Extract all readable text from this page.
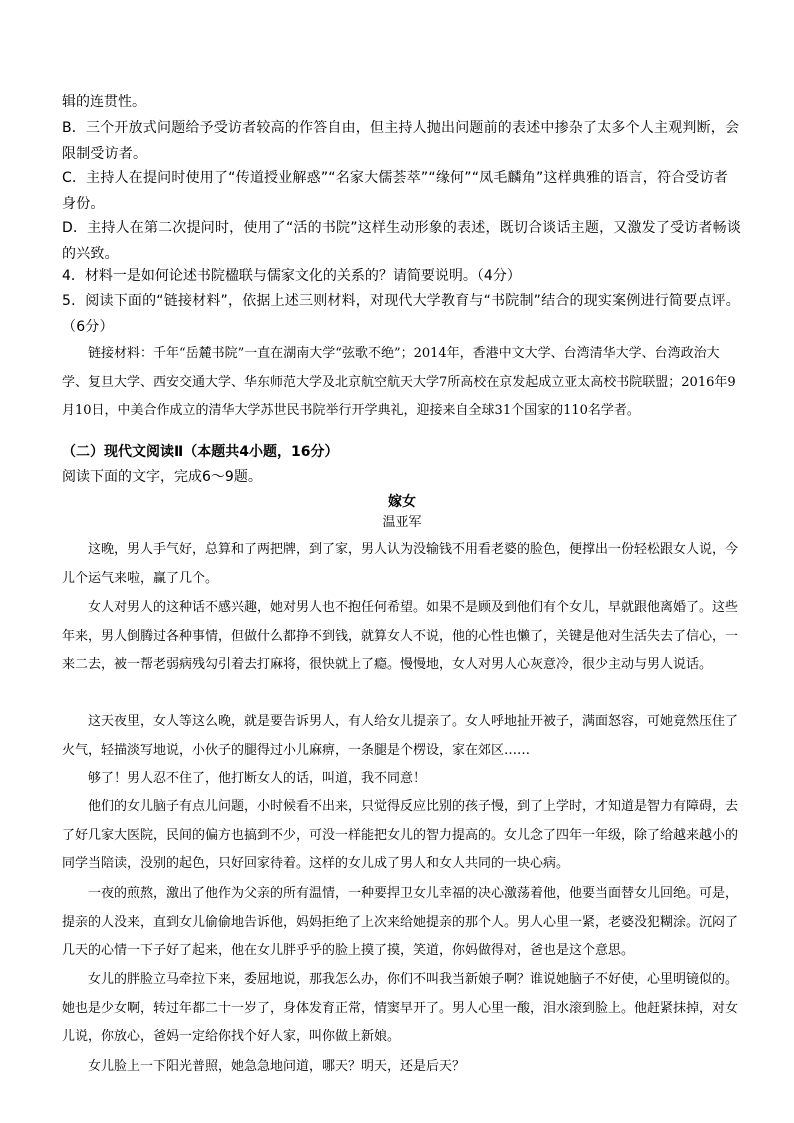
辑的连贯性。
B．三个开放式问题给予受访者较高的作答自由，但主持人抛出问题前的表述中掺杂了太多个人主观判断，会限制受访者。
C．主持人在提问时使用了“传道授业解惑”“名家大儒荟萃”“缘何”“凤毛麟角”这样典雅的语言，符合受访者身份。
D．主持人在第二次提问时，使用了“活的书院”这样生动形象的表述，既切合谈话主题，又激发了受访者畅谈的兴致。
4．材料一是如何论述书院楹联与儒家文化的关系的？请简要说明。（4分）
5．阅读下面的“链接材料”，依据上述三则材料，对现代大学教育与“书院制”结合的现实案例进行简要点评。（6分）
链接材料：千年“岳麓书院”一直在湖南大学“弦歌不绝”；2014年，香港中文大学、台湾清华大学、台湾政治大学、复旦大学、西安交通大学、华东师范大学及北京航空航天大学7所高校在京发起成立亚太高校书院联盟；2016年9月10日，中美合作成立的清华大学苏世民书院举行开学典礼，迎接来自全球31个国家的110名学者。
（二）现代文阅读Ⅱ（本题共4小题，16分）
阅读下面的文字，完成6～9题。
嫁女
温亚军
这晚，男人手气好，总算和了两把牌，到了家，男人认为没输钱不用看老婆的脸色，便撑出一份轻松跟女人说，今儿个运气来啦，赢了几个。
女人对男人的这种话不感兴趣，她对男人也不抱任何希望。如果不是顾及到他们有个女儿，早就跟他离婚了。这些年来，男人倒腾过各种事情，但做什么都挣不到钱，就算女人不说，他的心性也懒了，关键是他对生活失去了信心，一来二去，被一帮老弱病残勾引着去打麻将，很快就上了瘾。慢慢地，女人对男人心灰意冷，很少主动与男人说话。
这天夜里，女人等这么晚，就是要告诉男人，有人给女儿提亲了。女人呼地扯开被子，满面怒容，可她竟然压住了火气，轻描淡写地说，小伙子的腿得过小儿麻痹，一条腿是个楞设，家在郊区……
够了！男人忍不住了，他打断女人的话，叫道，我不同意！
他们的女儿脑子有点儿问题，小时候看不出来，只觉得反应比别的孩子慢，到了上学时，才知道是智力有障碍，去了好几家大医院，民间的偏方也搞到不少，可没一样能把女儿的智力提高的。女儿念了四年一年级，除了给越来越小的同学当陪读，没别的起色，只好回家待着。这样的女儿成了男人和女人共同的一块心病。
一夜的煎熬，激出了他作为父亲的所有温情，一种要捍卫女儿幸福的决心激荡着他，他要当面替女儿回绝。可是，提亲的人没来，直到女儿偷偷地告诉他，妈妈拒绝了上次来给她提亲的那个人。男人心里一紧，老婆没犯糊涂。沉闷了几天的心情一下子好了起来，他在女儿胖乎乎的脸上摸了摸，笑道，你妈做得对，爸也是这个意思。
女儿的胖脸立马牵拉下来，委屈地说，那我怎么办，你们不叫我当新娘子啊？谁说她脑子不好使，心里明镜似的。她也是少女啊，转过年都二十一岁了，身体发育正常，情窦早开了。男人心里一酸，泪水滚到脸上。他赶紧抹掉，对女儿说，你放心，爸妈一定给你找个好人家，叫你做上新娘。
女儿脸上一下阳光普照，她急急地问道，哪天？明天，还是后天？
